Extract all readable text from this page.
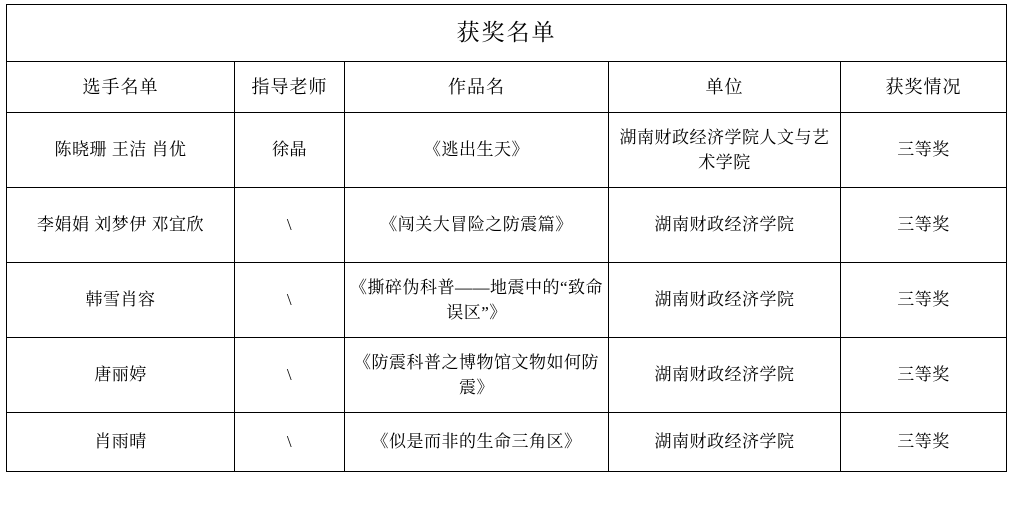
获奖名单				
选手名单	指导老师	作品名	单位	获奖情况
陈晓珊 王洁 肖优	徐晶	《逃出生天》	湖南财政经济学院人文与艺术学院	三等奖
李娟娟 刘梦伊 邓宜欣	\	《闯关大冒险之防震篇》	湖南财政经济学院	三等奖
韩雪肖容	\	《撕碎伪科普——地震中的“致命误区”》	湖南财政经济学院	三等奖
唐丽婷	\	《防震科普之博物馆文物如何防震》	湖南财政经济学院	三等奖
肖雨晴	\	《似是而非的生命三角区》	湖南财政经济学院	三等奖
